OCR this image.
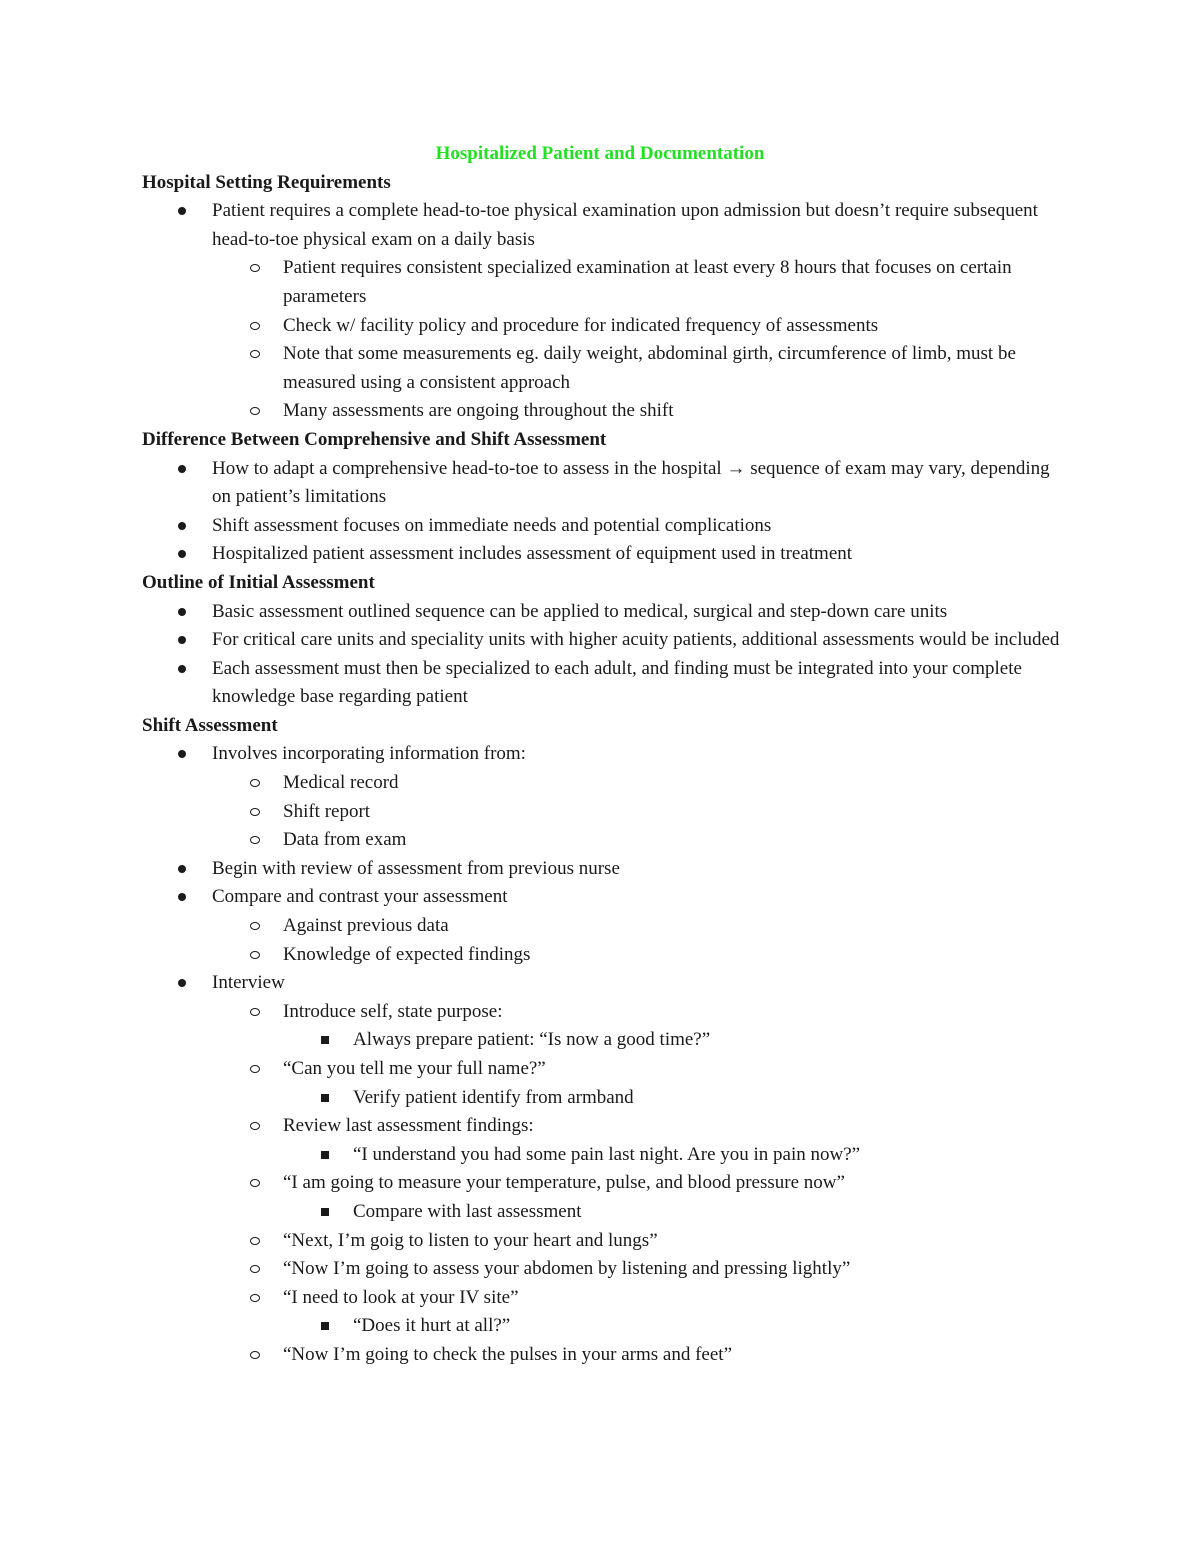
Hospitalized Patient and Documentation

Hospital Setting Requirements

Patient requires a complete head-to-toe physical examination upon admission but doesn’t require subsequent head-to-toe physical exam on a daily basis
Patient requires consistent specialized examination at least every 8 hours that focuses on certain parameters
Check w/ facility policy and procedure for indicated frequency of assessments
Note that some measurements eg. daily weight, abdominal girth, circumference of limb, must be measured using a consistent approach
Many assessments are ongoing throughout the shift

Difference Between Comprehensive and Shift Assessment

How to adapt a comprehensive head-to-toe to assess in the hospital → sequence of exam may vary, depending on patient’s limitations
Shift assessment focuses on immediate needs and potential complications
Hospitalized patient assessment includes assessment of equipment used in treatment

Outline of Initial Assessment

Basic assessment outlined sequence can be applied to medical, surgical and step-down care units
For critical care units and speciality units with higher acuity patients, additional assessments would be included
Each assessment must then be specialized to each adult, and finding must be integrated into your complete knowledge base regarding patient

Shift Assessment

Involves incorporating information from:
Medical record
Shift report
Data from exam
Begin with review of assessment from previous nurse
Compare and contrast your assessment
Against previous data
Knowledge of expected findings
Interview
Introduce self, state purpose:
Always prepare patient: “Is now a good time?”
“Can you tell me your full name?”
Verify patient identify from armband
Review last assessment findings:
“I understand you had some pain last night. Are you in pain now?”
“I am going to measure your temperature, pulse, and blood pressure now”
Compare with last assessment
“Next, I’m goig to listen to your heart and lungs”
“Now I’m going to assess your abdomen by listening and pressing lightly”
“I need to look at your IV site”
“Does it hurt at all?”
“Now I’m going to check the pulses in your arms and feet”
